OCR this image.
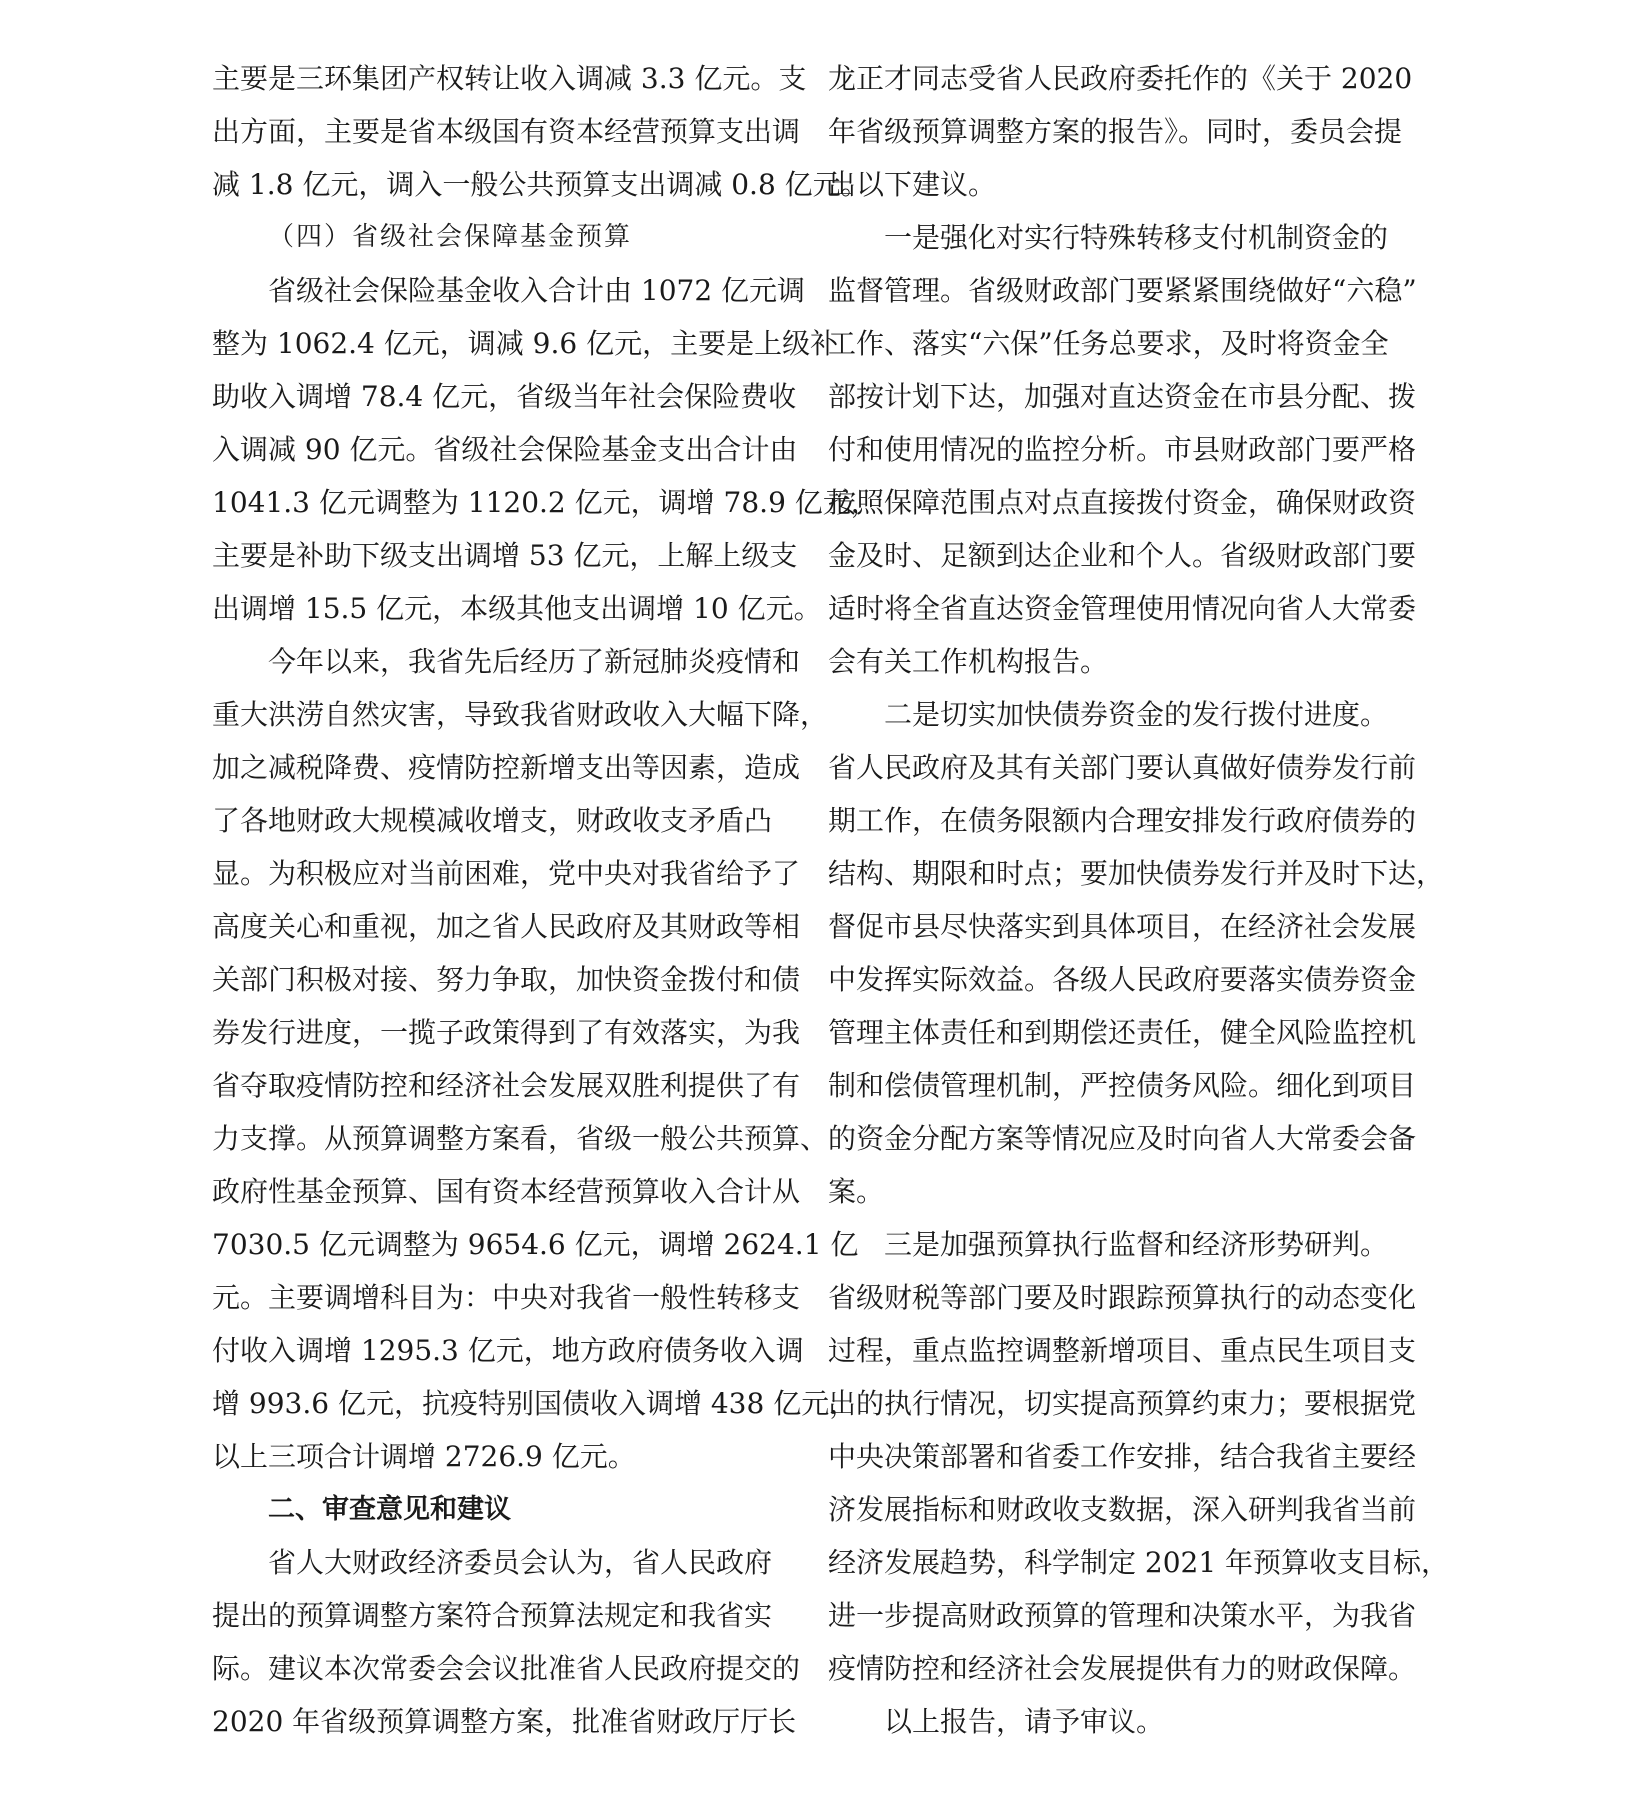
主要是三环集团产权转让收入调减 3.3 亿元。支
出方面，主要是省本级国有资本经营预算支出调
减 1.8 亿元，调入一般公共预算支出调减 0.8 亿元。
（四）省级社会保障基金预算
省级社会保险基金收入合计由 1072 亿元调
整为 1062.4 亿元，调减 9.6 亿元，主要是上级补
助收入调增 78.4 亿元，省级当年社会保险费收
入调减 90 亿元。省级社会保险基金支出合计由
1041.3 亿元调整为 1120.2 亿元，调增 78.9 亿元，
主要是补助下级支出调增 53 亿元，上解上级支
出调增 15.5 亿元，本级其他支出调增 10 亿元。
今年以来，我省先后经历了新冠肺炎疫情和
重大洪涝自然灾害，导致我省财政收入大幅下降，
加之减税降费、疫情防控新增支出等因素，造成
了各地财政大规模减收增支，财政收支矛盾凸
显。为积极应对当前困难，党中央对我省给予了
高度关心和重视，加之省人民政府及其财政等相
关部门积极对接、努力争取，加快资金拨付和债
券发行进度，一揽子政策得到了有效落实，为我
省夺取疫情防控和经济社会发展双胜利提供了有
力支撑。从预算调整方案看，省级一般公共预算、
政府性基金预算、国有资本经营预算收入合计从
7030.5 亿元调整为 9654.6 亿元，调增 2624.1 亿
元。主要调增科目为：中央对我省一般性转移支
付收入调增 1295.3 亿元，地方政府债务收入调
增 993.6 亿元，抗疫特别国债收入调增 438 亿元，
以上三项合计调增 2726.9 亿元。
二、审查意见和建议
省人大财政经济委员会认为，省人民政府
提出的预算调整方案符合预算法规定和我省实
际。建议本次常委会会议批准省人民政府提交的
2020 年省级预算调整方案，批准省财政厅厅长
龙正才同志受省人民政府委托作的《关于 2020
年省级预算调整方案的报告》。同时，委员会提
出以下建议。
一是强化对实行特殊转移支付机制资金的
监督管理。省级财政部门要紧紧围绕做好“六稳”
工作、落实“六保”任务总要求，及时将资金全
部按计划下达，加强对直达资金在市县分配、拨
付和使用情况的监控分析。市县财政部门要严格
按照保障范围点对点直接拨付资金，确保财政资
金及时、足额到达企业和个人。省级财政部门要
适时将全省直达资金管理使用情况向省人大常委
会有关工作机构报告。
二是切实加快债券资金的发行拨付进度。
省人民政府及其有关部门要认真做好债券发行前
期工作，在债务限额内合理安排发行政府债券的
结构、期限和时点；要加快债券发行并及时下达，
督促市县尽快落实到具体项目，在经济社会发展
中发挥实际效益。各级人民政府要落实债券资金
管理主体责任和到期偿还责任，健全风险监控机
制和偿债管理机制，严控债务风险。细化到项目
的资金分配方案等情况应及时向省人大常委会备
案。
三是加强预算执行监督和经济形势研判。
省级财税等部门要及时跟踪预算执行的动态变化
过程，重点监控调整新增项目、重点民生项目支
出的执行情况，切实提高预算约束力；要根据党
中央决策部署和省委工作安排，结合我省主要经
济发展指标和财政收支数据，深入研判我省当前
经济发展趋势，科学制定 2021 年预算收支目标，
进一步提高财政预算的管理和决策水平，为我省
疫情防控和经济社会发展提供有力的财政保障。
以上报告，请予审议。
